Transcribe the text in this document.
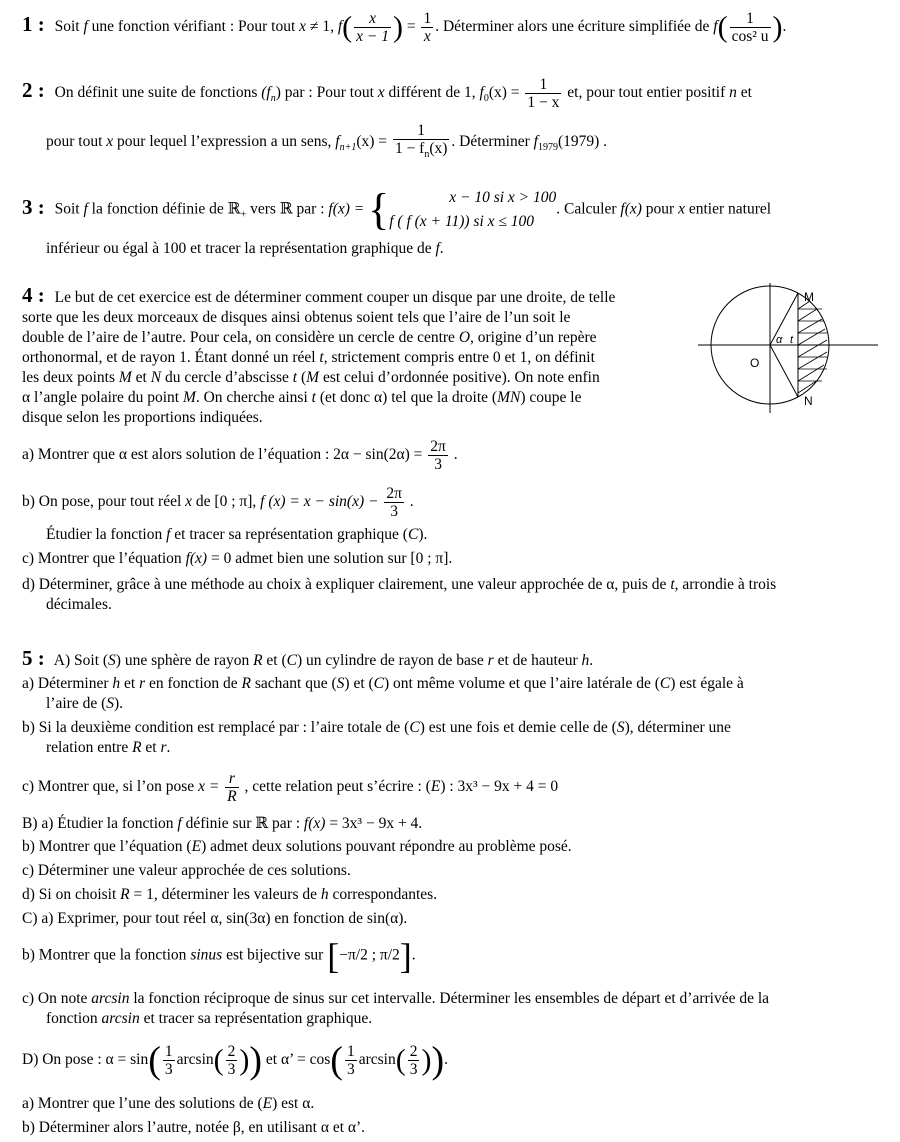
1 : Soit f une fonction vérifiant : Pour tout x ≠ 1, $f( \frac{x}{x - 1}$ ) = $\frac{1}{x}$ . Déterminer alors une écriture simplifiée de $f( \frac{1}{\text{cos² u}}$ ).
2 : On définit une suite de fonctions $(f_n)$ par : Pour tout x différent de 1, $f_0(x) = \frac{1}{1 - x}$ et, pour tout entier positif n et
pour tout x pour lequel l’expression a un sens, $f_{n+1}(x) = \frac{1}{1 - f_n(x)}$ . Déterminer $f_{1979}(1979)$ .
3 : Soit f la fonction définie de ℝ$_+$ vers ℝ par : f(x) = {	x − 10 si x > 100
f ( f (x + 11)) si x ≤ 100
. Calculer f(x) pour x entier naturel
inférieur ou égal à 100 et tracer la représentation graphique de f.
4 : Le but de cet exercice est de déterminer comment couper un disque par une droite, de telle
sorte que les deux morceaux de disques ainsi obtenus soient tels que l’aire de l’un soit le
double de l’aire de l’autre. Pour cela, on considère un cercle de centre O, origine d’un repère
orthonormal, et de rayon 1. Étant donné un réel t, strictement compris entre 0 et 1, on définit
les deux points M et N du cercle d’abscisse t (M est celui d’ordonnée positive). On note enfin
α l’angle polaire du point M. On cherche ainsi t (et donc α) tel que la droite (MN) coupe le
disque selon les proportions indiquées.
M
O
N
α t
a) Montrer que α est alors solution de l’équation : $2\alpha - \sin(2\alpha) = \frac{2\pi}{3}$ .
b) On pose, pour tout réel x de [0 ; π], f $(x) = x - \sin(x) - \frac{2\pi}{3}$ .
Étudier la fonction f et tracer sa représentation graphique (C).
c) Montrer que l’équation f(x) = 0 admet bien une solution sur [0 ; π].
d) Déterminer, grâce à une méthode au choix à expliquer clairement, une valeur approchée de α, puis de t, arrondie à trois
décimales.
5 : A) Soit (S) une sphère de rayon R et (C) un cylindre de rayon de base r et de hauteur h.
a) Déterminer h et r en fonction de R sachant que (S) et (C) ont même volume et que l’aire latérale de (C) est égale à
l’aire de (S).
b) Si la deuxième condition est remplacé par : l’aire totale de (C) est une fois et demie celle de (S), déterminer une
relation entre R et r.
c) Montrer que, si l’on pose $x = \frac{r}{R}$ , cette relation peut s’écrire : (E) : 3x³ − 9x + 4 = 0
B) a) Étudier la fonction f définie sur ℝ par : f(x) = 3x³ − 9x + 4.
b) Montrer que l’équation (E) admet deux solutions pouvant répondre au problème posé.
c) Déterminer une valeur approchée de ces solutions.
d) Si on choisit R = 1, déterminer les valeurs de h correspondantes.
C) a) Exprimer, pour tout réel α, sin(3α) en fonction de sin(α).
b) Montrer que la fonction sinus est bijective sur [−π/2 ; π/2].
c) On note arcsin la fonction réciproque de sinus sur cet intervalle. Déterminer les ensembles de départ et d’arrivée de la
fonction arcsin et tracer sa représentation graphique.
D) On pose : $\alpha = \sin( \frac{1}{3} \arcsin( \frac{2}{3}$ )) et α’ = $\cos( \frac{1}{3} \arcsin( \frac{2}{3}$ )).
a) Montrer que l’une des solutions de (E) est α.
b) Déterminer alors l’autre, notée β, en utilisant α et α’.
